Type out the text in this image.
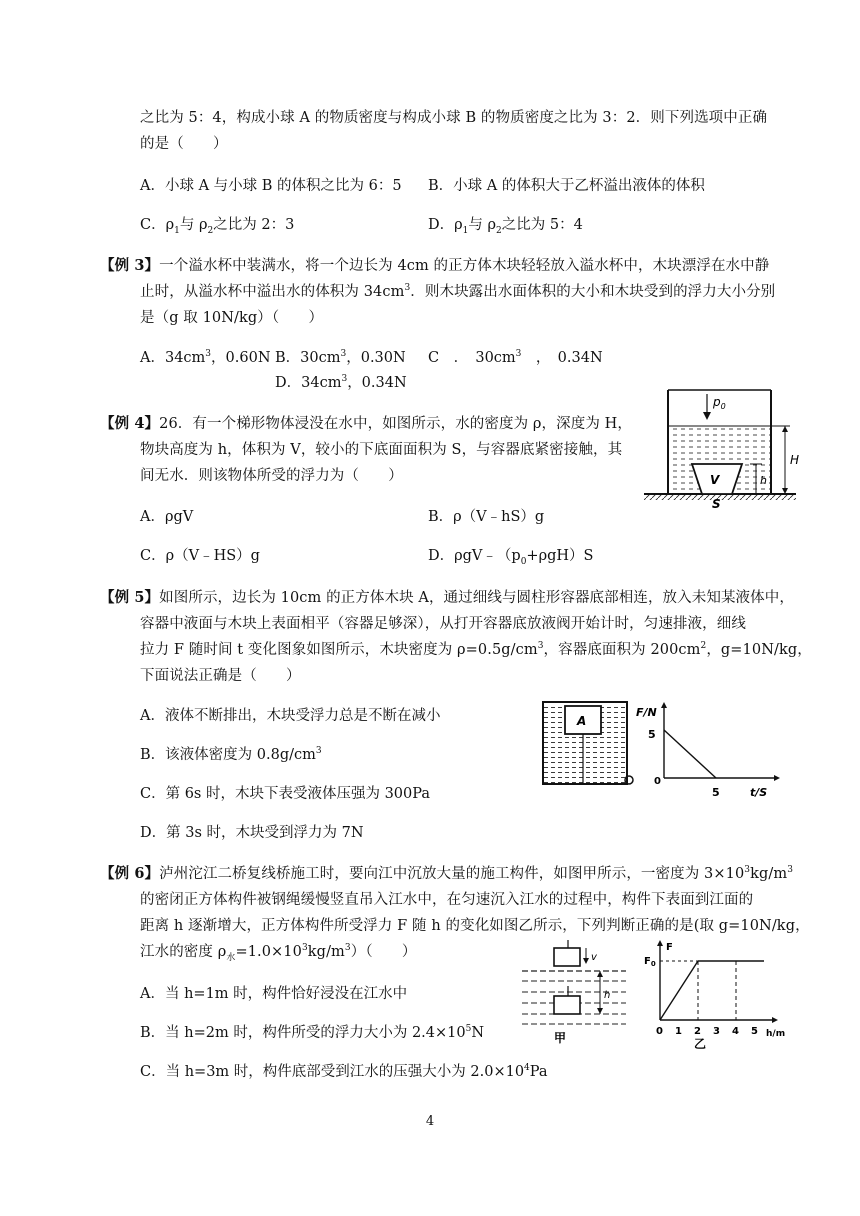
之比为 5：4，构成小球 A 的物质密度与构成小球 B 的物质密度之比为 3：2．则下列选项中正确
的是（　　）
A．小球 A 与小球 B 的体积之比为 6：5 B．小球 A 的体积大于乙杯溢出液体的体积
C．$\rho_1$与 $\rho_2$之比为 2：3	D．$\rho_1$与 $\rho_2$之比为 5：4
【例 3】一个溢水杯中装满水，将一个边长为 4cm 的正方体木块轻轻放入溢水杯中，木块漂浮在水中静
止时，从溢水杯中溢出水的体积为 $34cm^3$．则木块露出水面体积的大小和木块受到的浮力大小分别
是（g 取 10N/kg）（　　）
A．$34cm^3$，0.60N B．$30cm^3$，0.30N C　．　$30cm^3$　，　0.34N
D．$34cm^3$，0.34N
【例 4】26．有一个梯形物体浸没在水中，如图所示，水的密度为 ρ，深度为 H，
物块高度为 h，体积为 V，较小的下底面面积为 S，与容器底紧密接触，其
间无水．则该物体所受的浮力为（　　）
A．ρgV	B．ρ（V﹣hS）g
C．ρ（V﹣HS）g	D．$\rho gV﹣(p_0+\rho gH)S$
$p_0$
V
H
h
S
【例 5】如图所示，边长为 10cm 的正方体木块 A，通过细线与圆柱形容器底部相连，放入未知某液体中，
容器中液面与木块上表面相平（容器足够深），从打开容器底放液阀开始计时，匀速排液，细线
拉力 F 随时间 t 变化图象如图所示，木块密度为 $\rho=0.5g/cm^3$，容器底面积为 $200cm^2$，g=10N/kg，
下面说法正确是（　　）
A．液体不断排出，木块受浮力总是不断在减小
B．该液体密度为 $0.8g/cm^3$
C．第 6s 时，木块下表受液体压强为 300Pa
D．第 3s 时，木块受到浮力为 7N
A
F/N
t/S
5
5
0
【例 6】泸州沱江二桥复线桥施工时，要向江中沉放大量的施工构件，如图甲所示，一密度为 $3\times 10^3kg/m^3$
的密闭正方体构件被钢绳缓慢竖直吊入江水中，在匀速沉入江水的过程中，构件下表面到江面的
距离 h 逐渐增大，正方体构件所受浮力 F 随 h 的变化如图乙所示，下列判断正确的是(取 g=10N/kg，
江水的密度 $\rho_水=1.0\times 10^3kg/m^3$）（　　）
A．当 h=1m 时，构件恰好浸没在江水中
B．当 h=2m 时，构件所受的浮力大小为 $2.4\times 10^5N$
C．当 h=3m 时，构件底部受到江水的压强大小为 $2.0\times 10^4Pa$
v
h
甲
F
$F_0$
0 1 2 3 4 5 h/m
乙
4
